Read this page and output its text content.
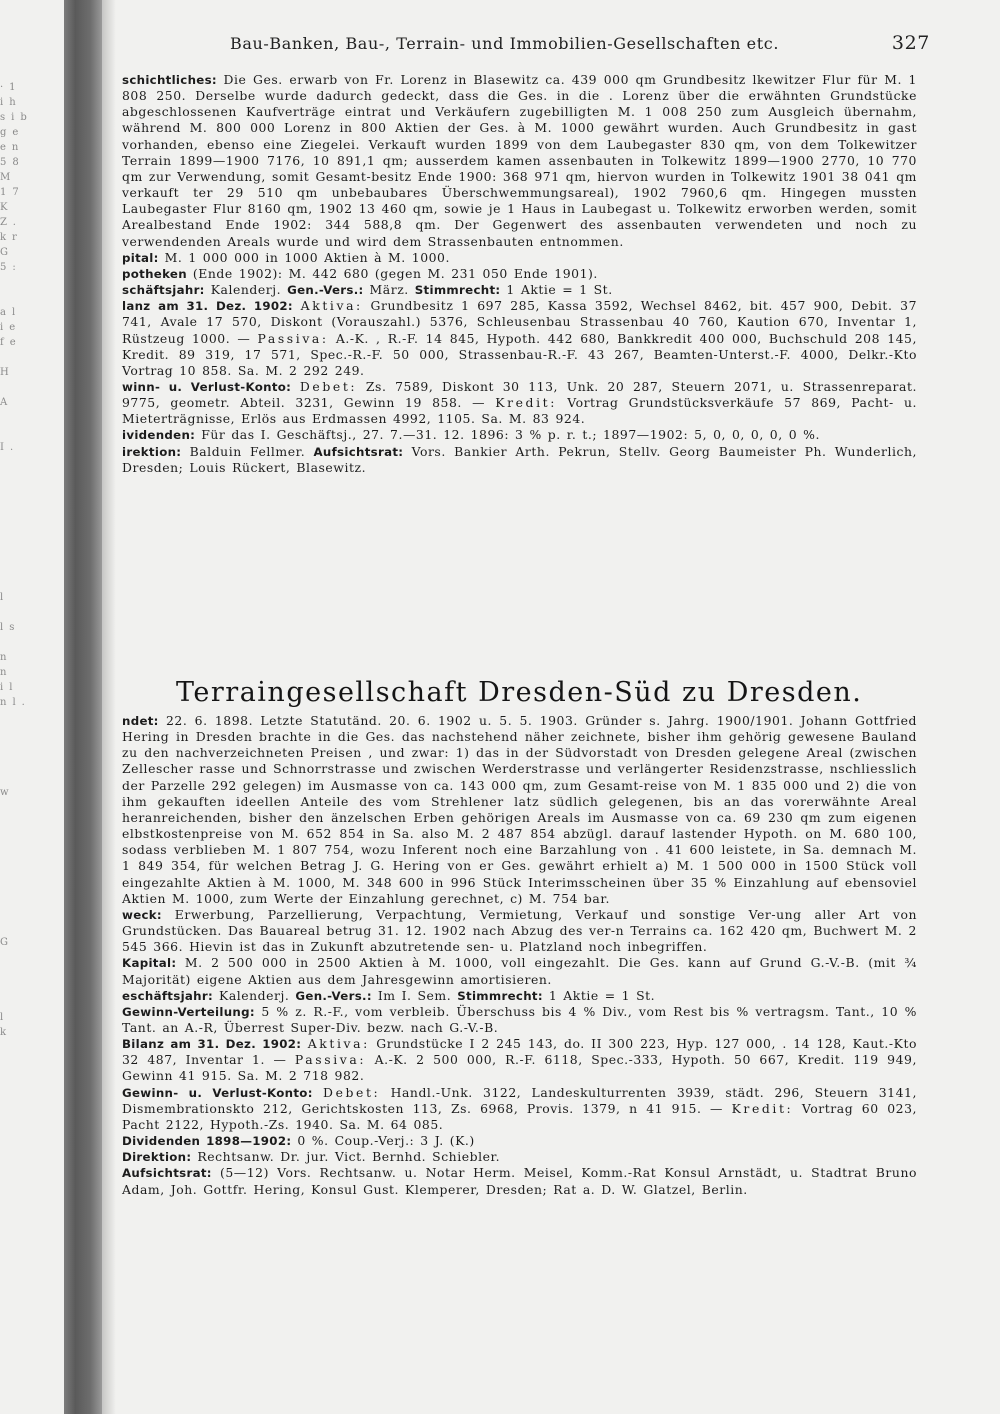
·1
ih
sib
ge
en
58
M
17
K
Z.
kr
G
5:

al
ie
fe

H

A

I.

l

ls

n
n
il
nl.

w

G

l
k
Bau-Banken, Bau-, Terrain- und Immobilien-Gesellschaften etc.	327

schichtliches: Die Ges. erwarb von Fr. Lorenz in Blasewitz ca. 439 000 qm Grundbesitz lkewitzer Flur für M. 1 808 250. Derselbe wurde dadurch gedeckt, dass die Ges. in die . Lorenz über die erwähnten Grundstücke abgeschlossenen Kaufverträge eintrat und Verkäufern zugebilligten M. 1 008 250 zum Ausgleich übernahm, während M. 800 000 Lorenz in 800 Aktien der Ges. à M. 1000 gewährt wurden. Auch Grundbesitz in gast vorhanden, ebenso eine Ziegelei. Verkauft wurden 1899 von dem Laubegaster 830 qm, von dem Tolkewitzer Terrain 1899—1900 7176, 10 891,1 qm; ausserdem kamen assenbauten in Tolkewitz 1899—1900 2770, 10 770 qm zur Verwendung, somit Gesamt-besitz Ende 1900: 368 971 qm, hiervon wurden in Tolkewitz 1901 38 041 qm verkauft ter 29 510 qm unbebaubares Überschwemmungsareal), 1902 7960,6 qm. Hingegen mussten Laubegaster Flur 8160 qm, 1902 13 460 qm, sowie je 1 Haus in Laubegast u. Tolkewitz erworben werden, somit Arealbestand Ende 1902: 344 588,8 qm. Der Gegenwert des assenbauten verwendeten und noch zu verwendenden Areals wurde und wird dem Strassenbauten entnommen.

pital: M. 1 000 000 in 1000 Aktien à M. 1000.

potheken (Ende 1902): M. 442 680 (gegen M. 231 050 Ende 1901).

schäftsjahr: Kalenderj. Gen.-Vers.: März. Stimmrecht: 1 Aktie = 1 St.

lanz am 31. Dez. 1902: Aktiva: Grundbesitz 1 697 285, Kassa 3592, Wechsel 8462, bit. 457 900, Debit. 37 741, Avale 17 570, Diskont (Vorauszahl.) 5376, Schleusenbau Strassenbau 40 760, Kaution 670, Inventar 1, Rüstzeug 1000. — Passiva: A.-K. , R.-F. 14 845, Hypoth. 442 680, Bankkredit 400 000, Buchschuld 208 145, Kredit. 89 319, 17 571, Spec.-R.-F. 50 000, Strassenbau-R.-F. 43 267, Beamten-Unterst.-F. 4000, Delkr.-Kto Vortrag 10 858. Sa. M. 2 292 249.

winn- u. Verlust-Konto: Debet: Zs. 7589, Diskont 30 113, Unk. 20 287, Steuern 2071, u. Strassenreparat. 9775, geometr. Abteil. 3231, Gewinn 19 858. — Kredit: Vortrag Grundstücksverkäufe 57 869, Pacht- u. Mieterträgnisse, Erlös aus Erdmassen 4992, 1105. Sa. M. 83 924.

ividenden: Für das I. Geschäftsj., 27. 7.—31. 12. 1896: 3 % p. r. t.; 1897—1902: 5, 0, 0, 0, 0, 0 %.

irektion: Balduin Fellmer. Aufsichtsrat: Vors. Bankier Arth. Pekrun, Stellv. Georg Baumeister Ph. Wunderlich, Dresden; Louis Rückert, Blasewitz.

Terraingesellschaft Dresden-Süd zu Dresden.

ndet: 22. 6. 1898. Letzte Statutänd. 20. 6. 1902 u. 5. 5. 1903. Gründer s. Jahrg. 1900/1901. Johann Gottfried Hering in Dresden brachte in die Ges. das nachstehend näher zeichnete, bisher ihm gehörig gewesene Bauland zu den nachverzeichneten Preisen , und zwar: 1) das in der Südvorstadt von Dresden gelegene Areal (zwischen Zellescher rasse und Schnorrstrasse und zwischen Werderstrasse und verlängerter Residenzstrasse, nschliesslich der Parzelle 292 gelegen) im Ausmasse von ca. 143 000 qm, zum Gesamt-reise von M. 1 835 000 und 2) die von ihm gekauften ideellen Anteile des vom Strehlener latz südlich gelegenen, bis an das vorerwähnte Areal heranreichenden, bisher den änzelschen Erben gehörigen Areals im Ausmasse von ca. 69 230 qm zum eigenen elbstkostenpreise von M. 652 854 in Sa. also M. 2 487 854 abzügl. darauf lastender Hypoth. on M. 680 100, sodass verblieben M. 1 807 754, wozu Inferent noch eine Barzahlung von . 41 600 leistete, in Sa. demnach M. 1 849 354, für welchen Betrag J. G. Hering von er Ges. gewährt erhielt a) M. 1 500 000 in 1500 Stück voll eingezahlte Aktien à M. 1000, M. 348 600 in 996 Stück Interimsscheinen über 35 % Einzahlung auf ebensoviel Aktien M. 1000, zum Werte der Einzahlung gerechnet, c) M. 754 bar.

weck: Erwerbung, Parzellierung, Verpachtung, Vermietung, Verkauf und sonstige Ver-ung aller Art von Grundstücken. Das Bauareal betrug 31. 12. 1902 nach Abzug des ver-n Terrains ca. 162 420 qm, Buchwert M. 2 545 366. Hievin ist das in Zukunft abzutretende sen- u. Platzland noch inbegriffen.

Kapital: M. 2 500 000 in 2500 Aktien à M. 1000, voll eingezahlt. Die Ges. kann auf Grund G.-V.-B. (mit ¾ Majorität) eigene Aktien aus dem Jahresgewinn amortisieren.

eschäftsjahr: Kalenderj. Gen.-Vers.: Im I. Sem. Stimmrecht: 1 Aktie = 1 St.

Gewinn-Verteilung: 5 % z. R.-F., vom verbleib. Überschuss bis 4 % Div., vom Rest bis % vertragsm. Tant., 10 % Tant. an A.-R, Überrest Super-Div. bezw. nach G.-V.-B.

Bilanz am 31. Dez. 1902: Aktiva: Grundstücke I 2 245 143, do. II 300 223, Hyp. 127 000, . 14 128, Kaut.-Kto 32 487, Inventar 1. — Passiva: A.-K. 2 500 000, R.-F. 6118, Spec.-333, Hypoth. 50 667, Kredit. 119 949, Gewinn 41 915. Sa. M. 2 718 982.

Gewinn- u. Verlust-Konto: Debet: Handl.-Unk. 3122, Landeskulturrenten 3939, städt. 296, Steuern 3141, Dismembrationskto 212, Gerichtskosten 113, Zs. 6968, Provis. 1379, n 41 915. — Kredit: Vortrag 60 023, Pacht 2122, Hypoth.-Zs. 1940. Sa. M. 64 085.

Dividenden 1898—1902: 0 %. Coup.-Verj.: 3 J. (K.)

Direktion: Rechtsanw. Dr. jur. Vict. Bernhd. Schiebler.

Aufsichtsrat: (5—12) Vors. Rechtsanw. u. Notar Herm. Meisel, Komm.-Rat Konsul Arnstädt, u. Stadtrat Bruno Adam, Joh. Gottfr. Hering, Konsul Gust. Klemperer, Dresden; Rat a. D. W. Glatzel, Berlin.
